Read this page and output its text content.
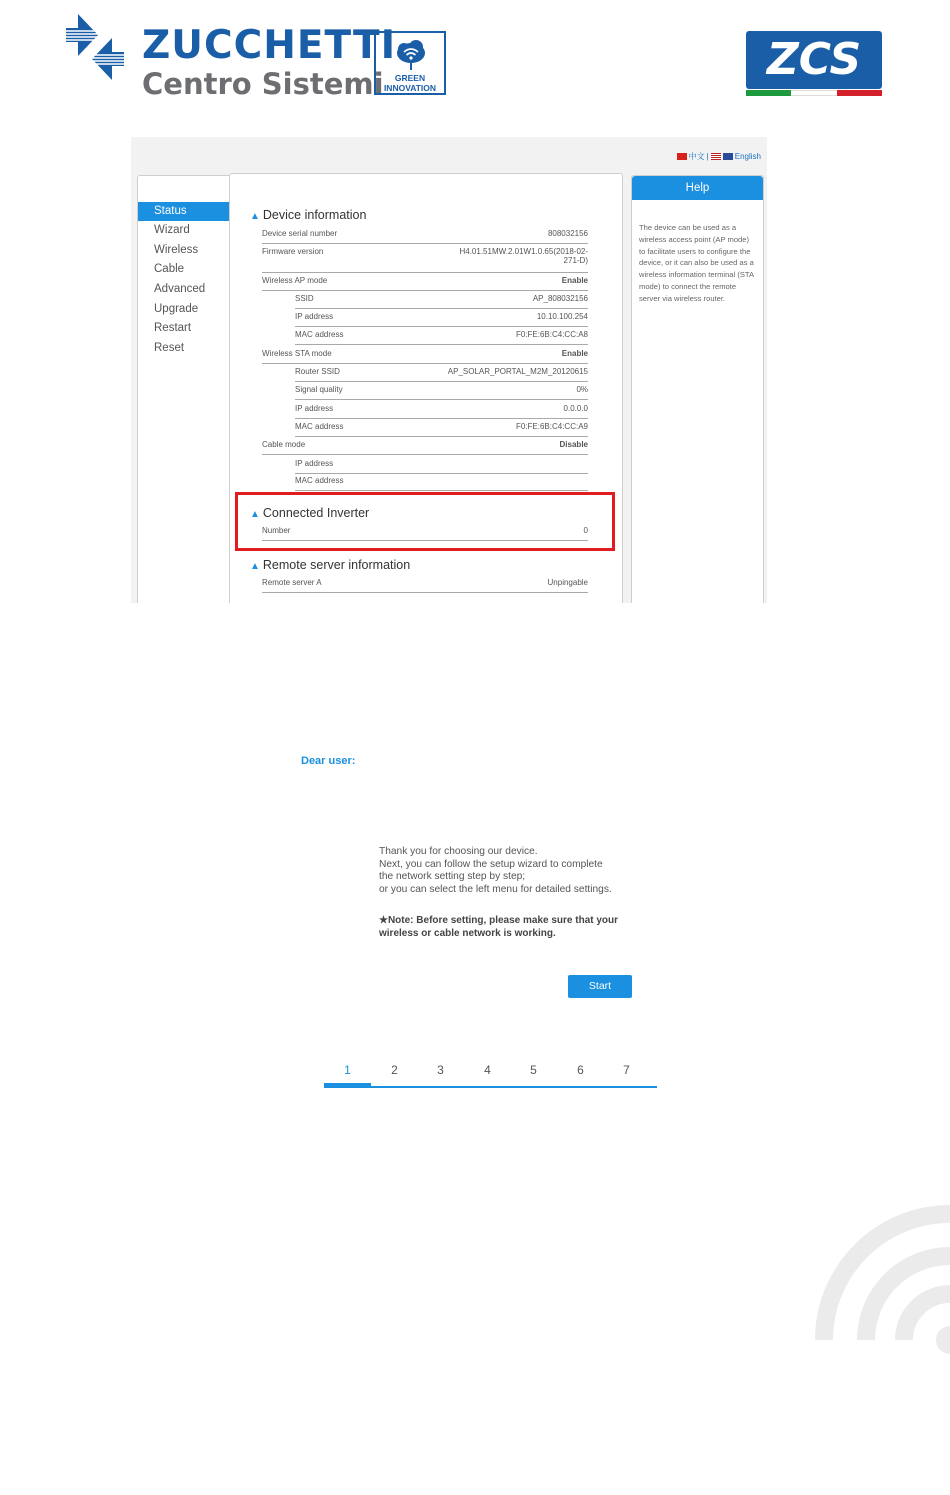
ZUCCHETTI
Centro Sistemi	GREEN
INNOVATION
ZCS
中文 |	English
Status
Wizard
Wireless
Cable
Advanced
Upgrade
Restart
Reset
▲ Device information
Device serial number	808032156
Firmware version	H4.01.51MW.2.01W1.0.65(2018-02-
271-D)
Wireless AP mode	Enable
SSID	AP_808032156
IP address	10.10.100.254
MAC address	F0:FE:6B:C4:CC:A8
Wireless STA mode	Enable
Router SSID	AP_SOLAR_PORTAL_M2M_20120615
Signal quality	0%
IP address	0.0.0.0
MAC address	F0:FE:6B:C4:CC:A9
Cable mode	Disable
IP address
MAC address
▲ Connected Inverter
Number	0
▲ Remote server information
Remote server A	Unpingable
Help
The device can be used as a wireless access point (AP mode) to facilitate users to configure the device, or it can also be used as a wireless information terminal (STA mode) to connect the remote server via wireless router.
Dear user:
Thank you for choosing our device.
Next, you can follow the setup wizard to complete
the network setting step by step;
or you can select the left menu for detailed settings.
★Note: Before setting, please make sure that your
wireless or cable network is working.
Start
1	2	3	4	5	6	7
